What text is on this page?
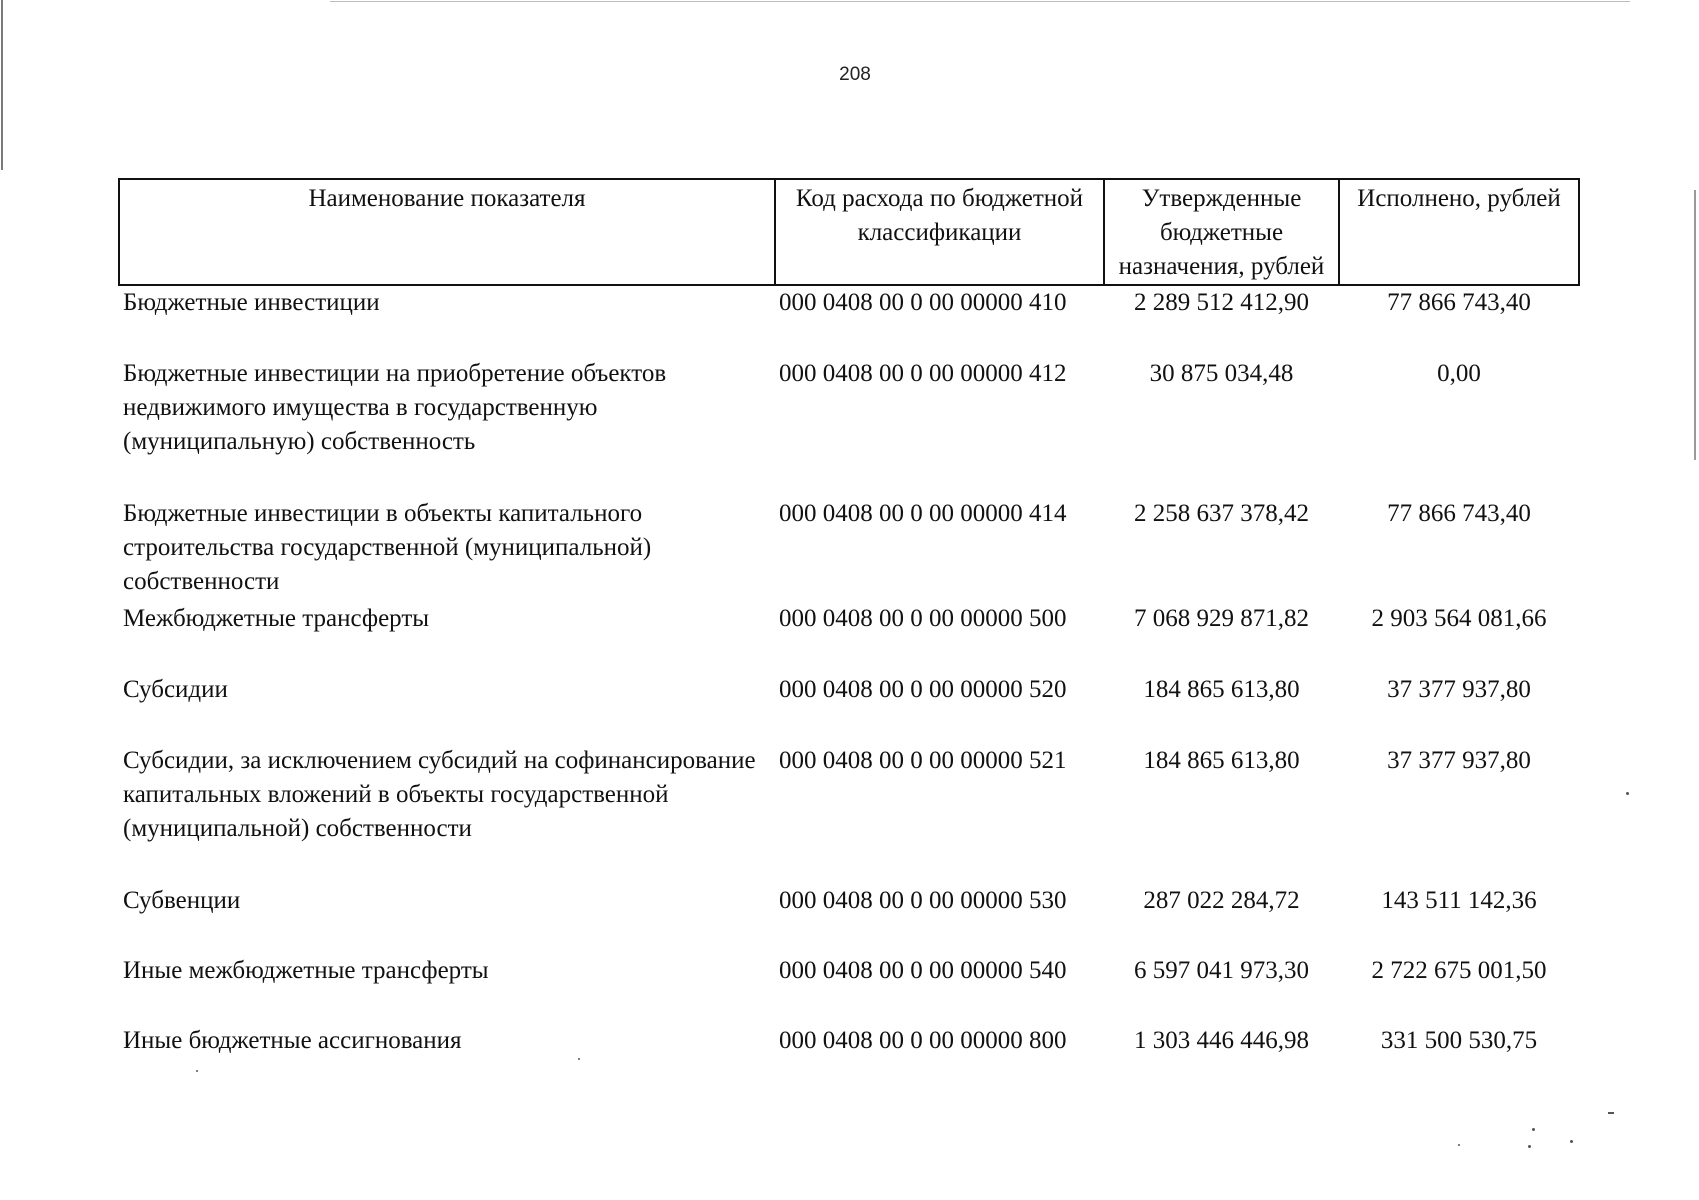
208
Наименование показателя	Код расхода по бюджетной классификации	Утвержденные бюджетные назначения, рублей	Исполнено, рублей
Бюджетные инвестиции	000 0408 00 0 00 00000 410	2 289 512 412,90	77 866 743,40
Бюджетные инвестиции на приобретение объектов недвижимого имущества в государственную (муниципальную) собственность	000 0408 00 0 00 00000 412	30 875 034,48	0,00
Бюджетные инвестиции в объекты капитального строительства государственной (муниципальной) собственности	000 0408 00 0 00 00000 414	2 258 637 378,42	77 866 743,40
Межбюджетные трансферты	000 0408 00 0 00 00000 500	7 068 929 871,82	2 903 564 081,66
Субсидии	000 0408 00 0 00 00000 520	184 865 613,80	37 377 937,80
Субсидии, за исключением субсидий на софинансирование капитальных вложений в объекты государственной (муниципальной) собственности	000 0408 00 0 00 00000 521	184 865 613,80	37 377 937,80
Субвенции	000 0408 00 0 00 00000 530	287 022 284,72	143 511 142,36
Иные межбюджетные трансферты	000 0408 00 0 00 00000 540	6 597 041 973,30	2 722 675 001,50
Иные бюджетные ассигнования	000 0408 00 0 00 00000 800	1 303 446 446,98	331 500 530,75
